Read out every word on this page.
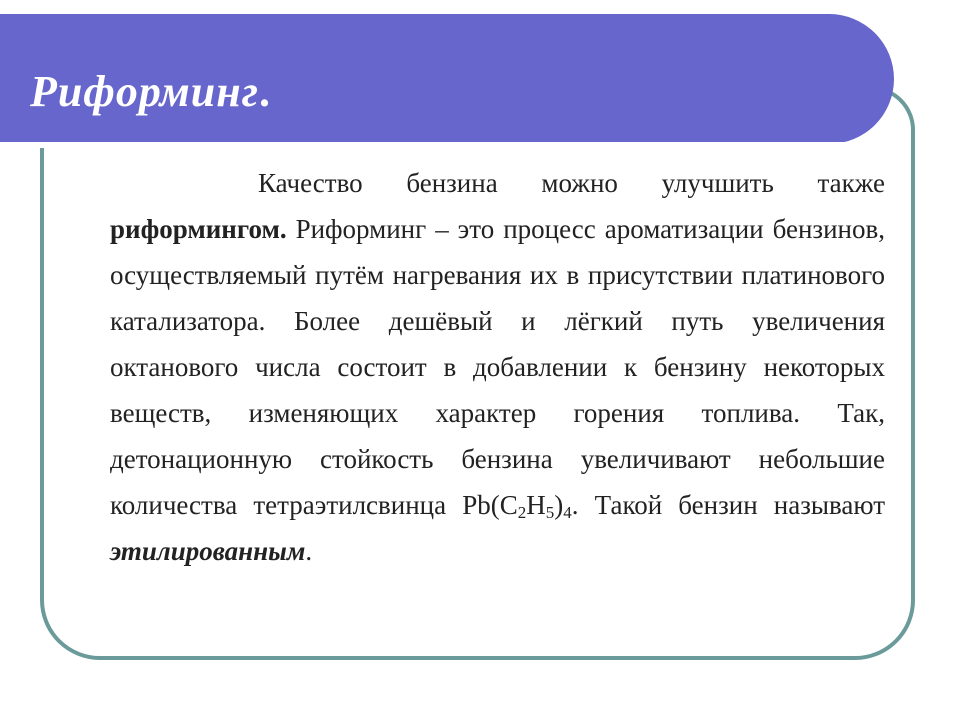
Риформинг.

Качество бензина можно улучшить также риформингом. Риформинг – это процесс ароматизации бензинов, осуществляемый путём нагревания их в присутствии платинового катализатора. Более дешёвый и лёгкий путь увеличения октанового числа состоит в добавлении к бензину некоторых веществ, изменяющих характер горения топлива. Так, детонационную стойкость бензина увеличивают небольшие количества тетраэтилсвинца $Pb(C_2H_5)_4$. Такой бензин называют этилированным.
